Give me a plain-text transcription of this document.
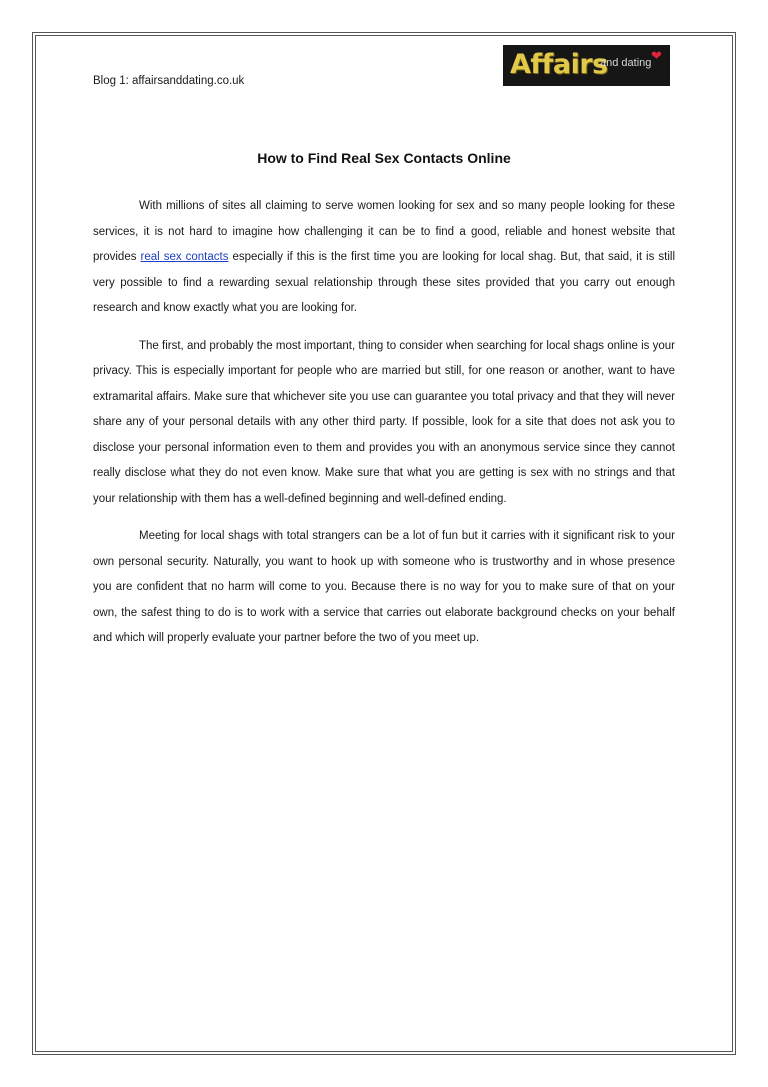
Blog 1: affairsanddating.co.uk
Affairs
and dating ❤
How to Find Real Sex Contacts Online

With millions of sites all claiming to serve women looking for sex and so many people looking for these services, it is not hard to imagine how challenging it can be to find a good, reliable and honest website that provides real sex contacts especially if this is the first time you are looking for local shag. But, that said, it is still very possible to find a rewarding sexual relationship through these sites provided that you carry out enough research and know exactly what you are looking for.

The first, and probably the most important, thing to consider when searching for local shags online is your privacy. This is especially important for people who are married but still, for one reason or another, want to have extramarital affairs. Make sure that whichever site you use can guarantee you total privacy and that they will never share any of your personal details with any other third party. If possible, look for a site that does not ask you to disclose your personal information even to them and provides you with an anonymous service since they cannot really disclose what they do not even know. Make sure that what you are getting is sex with no strings and that your relationship with them has a well-defined beginning and well-defined ending.

Meeting for local shags with total strangers can be a lot of fun but it carries with it significant risk to your own personal security. Naturally, you want to hook up with someone who is trustworthy and in whose presence you are confident that no harm will come to you. Because there is no way for you to make sure of that on your own, the safest thing to do is to work with a service that carries out elaborate background checks on your behalf and which will properly evaluate your partner before the two of you meet up.
